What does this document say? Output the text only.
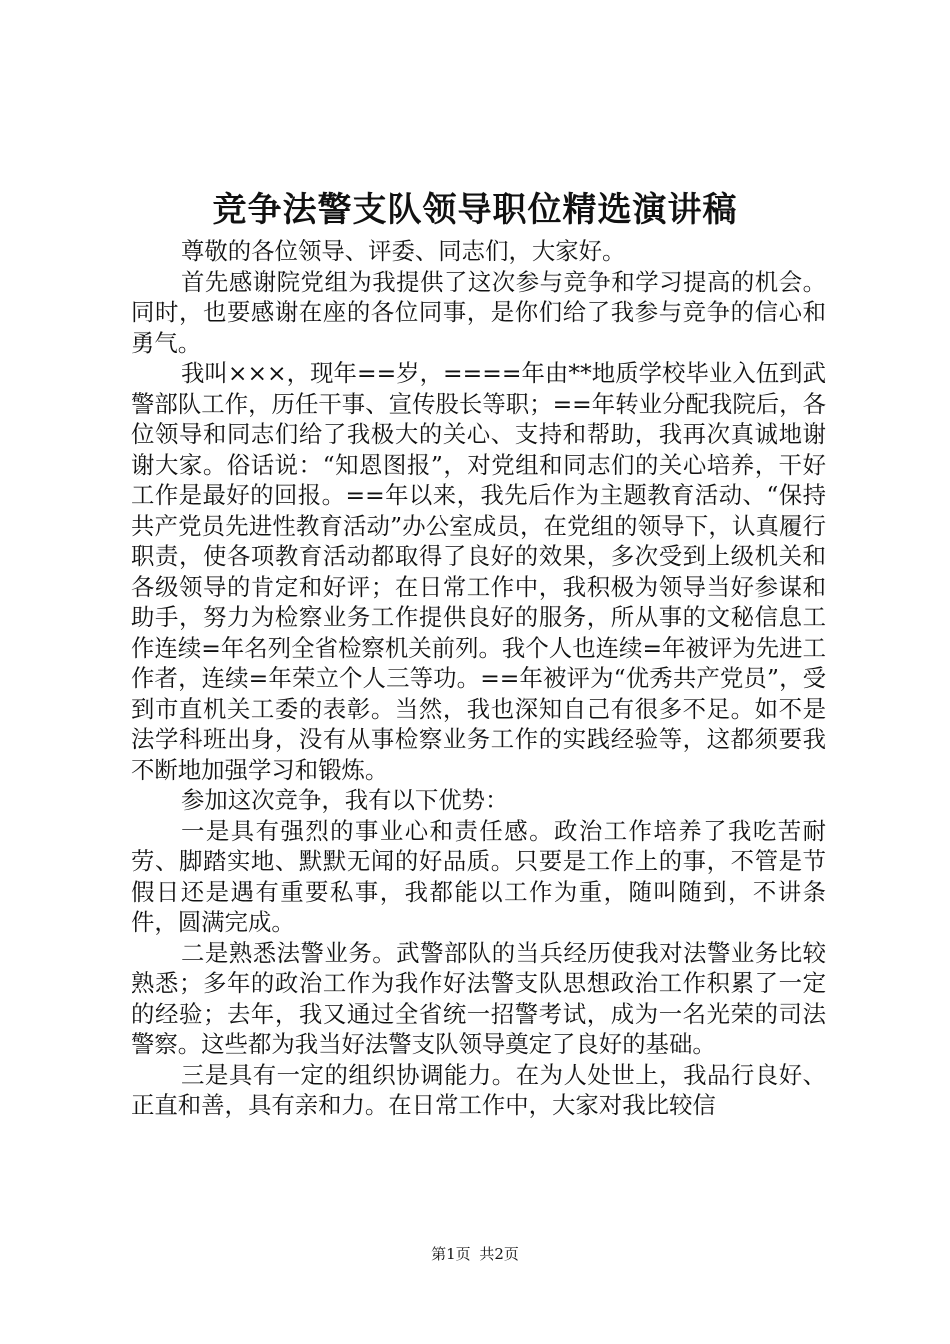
竞争法警支队领导职位精选演讲稿

尊敬的各位领导、评委、同志们，大家好。

首先感谢院党组为我提供了这次参与竞争和学习提高的机会。同时，也要感谢在座的各位同事，是你们给了我参与竞争的信心和勇气。

我叫×××，现年==岁，====年由**地质学校毕业入伍到武警部队工作，历任干事、宣传股长等职；==年转业分配我院后，各位领导和同志们给了我极大的关心、支持和帮助，我再次真诚地谢谢大家。俗话说：“知恩图报”，对党组和同志们的关心培养，干好工作是最好的回报。==年以来，我先后作为主题教育活动、“保持共产党员先进性教育活动”办公室成员，在党组的领导下，认真履行职责，使各项教育活动都取得了良好的效果，多次受到上级机关和各级领导的肯定和好评；在日常工作中，我积极为领导当好参谋和助手，努力为检察业务工作提供良好的服务，所从事的文秘信息工作连续=年名列全省检察机关前列。我个人也连续=年被评为先进工作者，连续=年荣立个人三等功。==年被评为“优秀共产党员”，受到市直机关工委的表彰。当然，我也深知自己有很多不足。如不是法学科班出身，没有从事检察业务工作的实践经验等，这都须要我不断地加强学习和锻炼。

参加这次竞争，我有以下优势：

一是具有强烈的事业心和责任感。政治工作培养了我吃苦耐劳、脚踏实地、默默无闻的好品质。只要是工作上的事，不管是节假日还是遇有重要私事，我都能以工作为重，随叫随到，不讲条件，圆满完成。

二是熟悉法警业务。武警部队的当兵经历使我对法警业务比较熟悉；多年的政治工作为我作好法警支队思想政治工作积累了一定的经验；去年，我又通过全省统一招警考试，成为一名光荣的司法警察。这些都为我当好法警支队领导奠定了良好的基础。

三是具有一定的组织协调能力。在为人处世上，我品行良好、正直和善，具有亲和力。在日常工作中，大家对我比较信

第1页 共2页
